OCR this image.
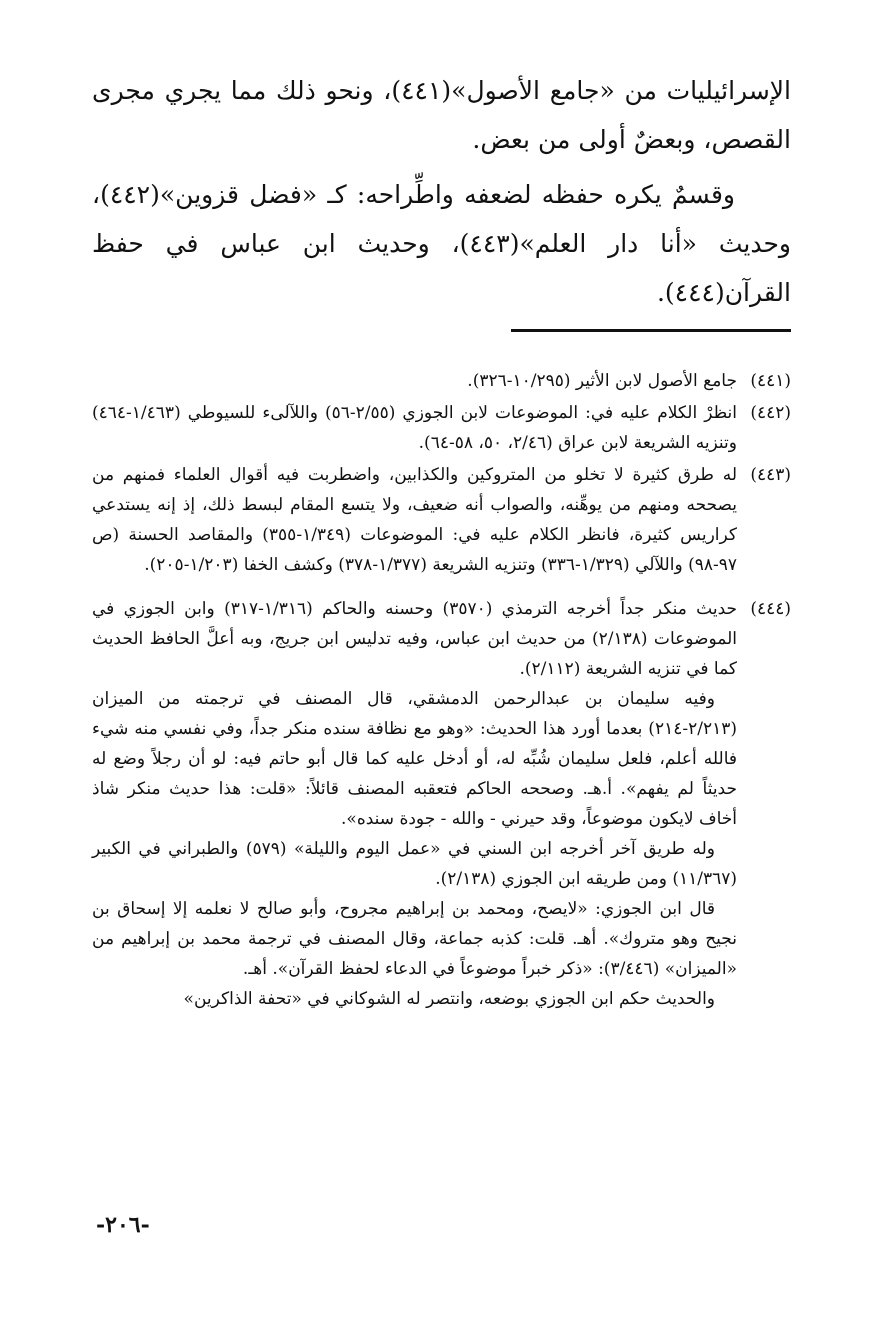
الإسرائيليات من «جامع الأصول»(٤٤١)، ونحو ذلك مما يجري مجرى القصص، وبعضٌ أولى من بعض.

وقسمٌ يكره حفظه لضعفه واطِّراحه: كـ «فضل قزوين»(٤٤٢)، وحديث «أنا دار العلم»(٤٤٣)، وحديث ابن عباس في حفظ القرآن(٤٤٤).

(٤٤١)

جامع الأصول لابن الأثير (١٠/٢٩٥-٣٢٦).

(٤٤٢)

انظرْ الكلام عليه في: الموضوعات لابن الجوزي (٢/٥٥-٥٦) واللآلىء للسيوطي (١/٤٦٣-٤٦٤) وتنزيه الشريعة لابن عراق (٢/٤٦، ٥٠، ٥٨-٦٤).

(٤٤٣)

له طرق كثيرة لا تخلو من المتروكين والكذابين، واضطربت فيه أقوال العلماء فمنهم من يصححه ومنهم من يوهِّنه، والصواب أنه ضعيف، ولا يتسع المقام لبسط ذلك، إذ إنه يستدعي كراريس كثيرة، فانظر الكلام عليه في: الموضوعات (١/٣٤٩-٣٥٥) والمقاصد الحسنة (ص ٩٧-٩٨) واللآلي (١/٣٢٩-٣٣٦) وتنزيه الشريعة (١/٣٧٧-٣٧٨) وكشف الخفا (١/٢٠٣-٢٠٥).

(٤٤٤)

حديث منكر جداً أخرجه الترمذي (٣٥٧٠) وحسنه والحاكم (١/٣١٦-٣١٧) وابن الجوزي في الموضوعات (٢/١٣٨) من حديث ابن عباس، وفيه تدليس ابن جريج، وبه أعلَّ الحافظ الحديث كما في تنزيه الشريعة (٢/١١٢).

وفيه سليمان بن عبدالرحمن الدمشقي، قال المصنف في ترجمته من الميزان (٢/٢١٣-٢١٤) بعدما أورد هذا الحديث: «وهو مع نظافة سنده منكر جداً، وفي نفسي منه شيء فالله أعلم، فلعل سليمان شُبِّه له، أو أدخل عليه كما قال أبو حاتم فيه: لو أن رجلاً وضع له حديثاً لم يفهم». أ.هـ. وصححه الحاكم فتعقبه المصنف قائلاً: «قلت: هذا حديث منكر شاذ أخاف لايكون موضوعاً، وقد حيرني - والله - جودة سنده».

وله طريق آخر أخرجه ابن السني في «عمل اليوم والليلة» (٥٧٩) والطبراني في الكبير (١١/٣٦٧) ومن طريقه ابن الجوزي (٢/١٣٨).

قال ابن الجوزي: «لايصح، ومحمد بن إبراهيم مجروح، وأبو صالح لا نعلمه إلا إسحاق بن نجيح وهو متروك». أهـ. قلت: كذبه جماعة، وقال المصنف في ترجمة محمد بن إبراهيم من «الميزان» (٣/٤٤٦): «ذكر خبراً موضوعاً في الدعاء لحفظ القرآن». أهـ.

والحديث حكم ابن الجوزي بوضعه، وانتصر له الشوكاني في «تحفة الذاكرين»

-٢٠٦-
